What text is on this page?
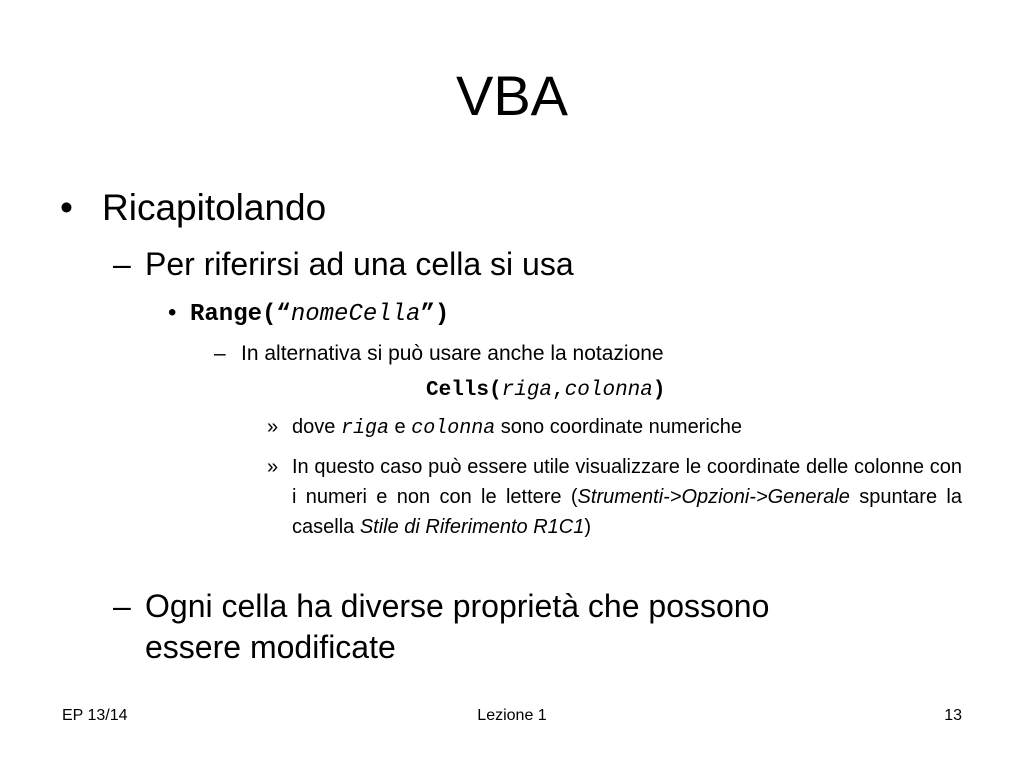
VBA
• Ricapitolando
– Per riferirsi ad una cella si usa
• Range(“nomeCella”)
– In alternativa si può usare anche la notazione
Cells(riga,colonna)
» dove riga e colonna sono coordinate numeriche
» In questo caso può essere utile visualizzare le coordinate delle colonne con i numeri e non con le lettere (Strumenti->Opzioni->Generale spuntare la casella Stile di Riferimento R1C1)
– Ogni cella ha diverse proprietà che possono
essere modificate
EP 13/14	Lezione 1	13
